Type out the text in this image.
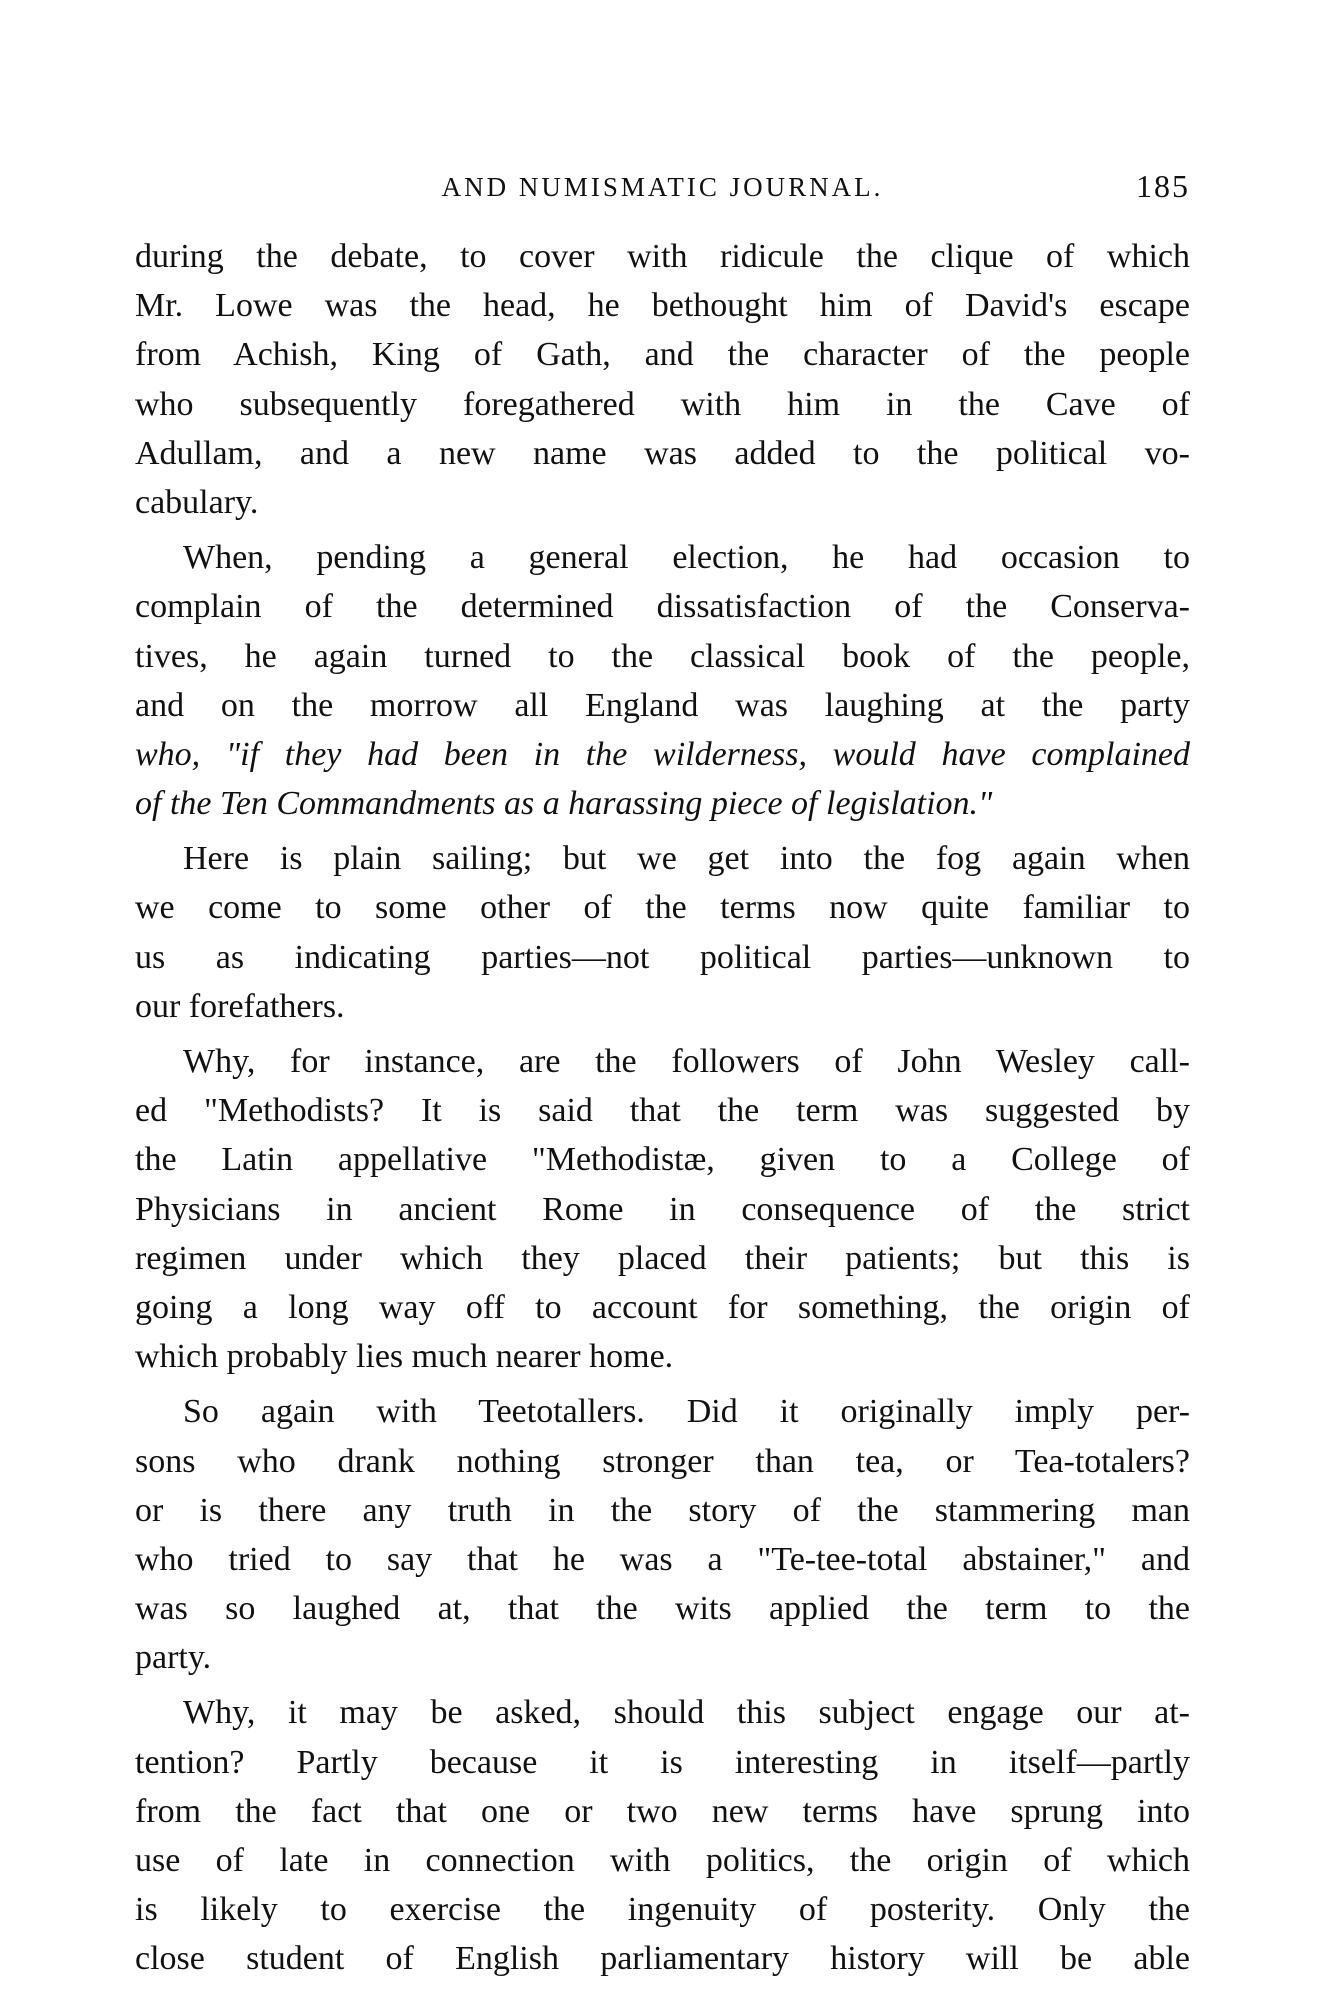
AND NUMISMATIC JOURNAL.	185
during the debate, to cover with ridicule the clique of which
Mr. Lowe was the head, he bethought him of David's escape
from Achish, King of Gath, and the character of the people
who subsequently foregathered with him in the Cave of
Adullam, and a new name was added to the political vo-
cabulary.
When, pending a general election, he had occasion to
complain of the determined dissatisfaction of the Conserva-
tives, he again turned to the classical book of the people,
and on the morrow all England was laughing at the party
who, "if they had been in the wilderness, would have complained
of the Ten Commandments as a harassing piece of legislation."
Here is plain sailing; but we get into the fog again when
we come to some other of the terms now quite familiar to
us as indicating parties—not political parties—unknown to
our forefathers.
Why, for instance, are the followers of John Wesley call-
ed "Methodists? It is said that the term was suggested by
the Latin appellative "Methodistæ, given to a College of
Physicians in ancient Rome in consequence of the strict
regimen under which they placed their patients; but this is
going a long way off to account for something, the origin of
which probably lies much nearer home.
So again with Teetotallers. Did it originally imply per-
sons who drank nothing stronger than tea, or Tea-totalers?
or is there any truth in the story of the stammering man
who tried to say that he was a "Te-tee-total abstainer," and
was so laughed at, that the wits applied the term to the
party.
Why, it may be asked, should this subject engage our at-
tention? Partly because it is interesting in itself—partly
from the fact that one or two new terms have sprung into
use of late in connection with politics, the origin of which
is likely to exercise the ingenuity of posterity. Only the
close student of English parliamentary history will be able
